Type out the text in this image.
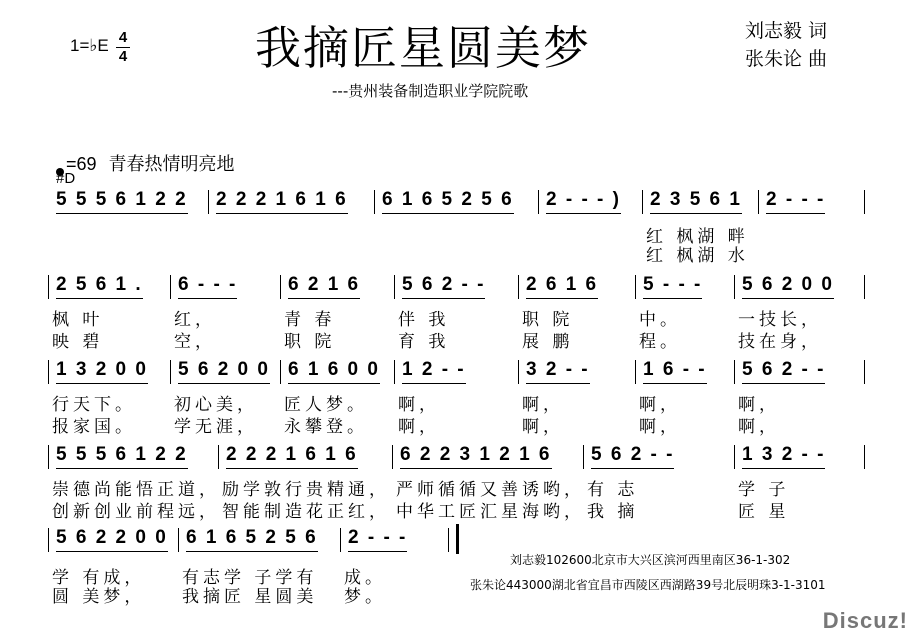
我摘匠星圆美梦
1=♭E 4
4
刘志毅 词
张朱论 曲
---贵州装备制造职业学院院歌
=69 青春热情明亮地
#D
5 5 5 6 1 2 2 2 2 2 1 6 1 6 6 1 6 5 2 5 6 2 - - - ) 2 3 5 6 1 2 - - -
红 枫湖 畔
红 枫湖 水
2 5 6 1 . 6 - - -	6 2 1 6 5 6 2 - - 2 6 1 6 5 - - - 5 6 2 0 0
枫 叶	红，	青 春	伴 我	职 院	中。	一技长，
映 碧	空，	职 院	育 我	展 鹏	程。	技在身，
1 3 2 0 0 5 6 2 0 0 6 1 6 0 0 1 2 - -	3 2 - -	1 6 - - 5 6 2 - -
行天下。 初心美， 匠人梦。 啊，	啊，	啊，	啊，
报家国。 学无涯， 永攀登。 啊，	啊，	啊，	啊，
5 5 5 6 1 2 2 2 2 2 1 6 1 6 6 2 2 3 1 2 1 6 5 6 2 - -	1 3 2 - -
崇德尚能悟正道， 励学敦行贵精通， 严师循循又善诱哟， 有 志	学 子
创新创业前程远， 智能制造花正红， 中华工匠汇星海哟， 我 摘	匠 星
5 6 2 2 0 0 6 1 6 5 2 5 6 2 - - -
学 有成， 有志学 子学有 成。
圆 美梦， 我摘匠 星圆美 梦。
刘志毅102600北京市大兴区滨河西里南区36-1-302
张朱论443000湖北省宜昌市西陵区西湖路39号北辰明珠3-1-3101
Discuz!
